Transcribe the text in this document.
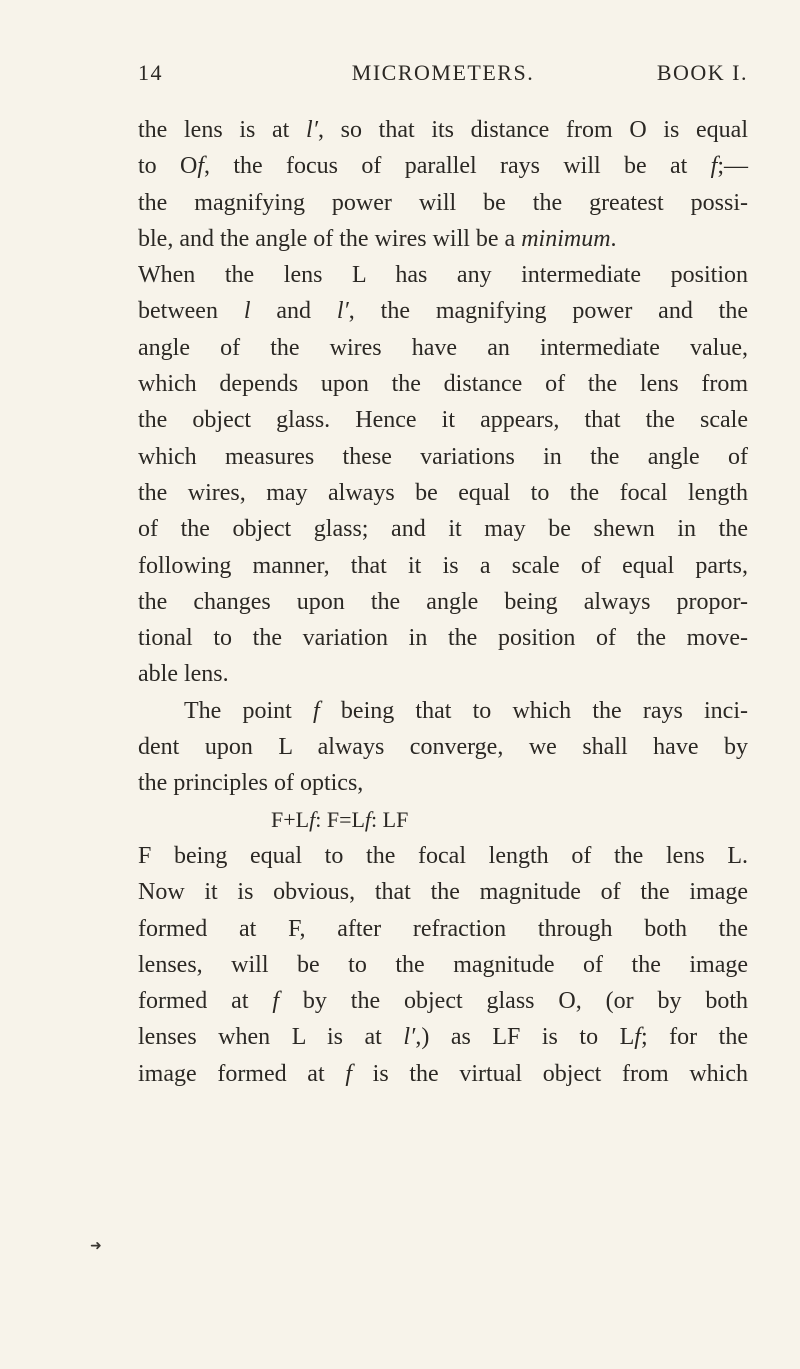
14	MICROMETERS.	BOOK I.
the lens is at l′, so that its distance from O is equal
to Of, the focus of parallel rays will be at f;—
the magnifying power will be the greatest possi-
ble, and the angle of the wires will be a minimum.
When the lens L has any intermediate position
between l and l′, the magnifying power and the
angle of the wires have an intermediate value,
which depends upon the distance of the lens from
the object glass. Hence it appears, that the scale
which measures these variations in the angle of
the wires, may always be equal to the focal length
of the object glass; and it may be shewn in the
following manner, that it is a scale of equal parts,
the changes upon the angle being always propor-
tional to the variation in the position of the move-
able lens.
The point f being that to which the rays inci-
dent upon L always converge, we shall have by
the principles of optics,
F+Lf: F=Lf: LF
F being equal to the focal length of the lens L.
Now it is obvious, that the magnitude of the image
formed at F, after refraction through both the
lenses, will be to the magnitude of the image
formed at f by the object glass O, (or by both
lenses when L is at l′,) as LF is to Lf; for the
image formed at f is the virtual object from which
➜
